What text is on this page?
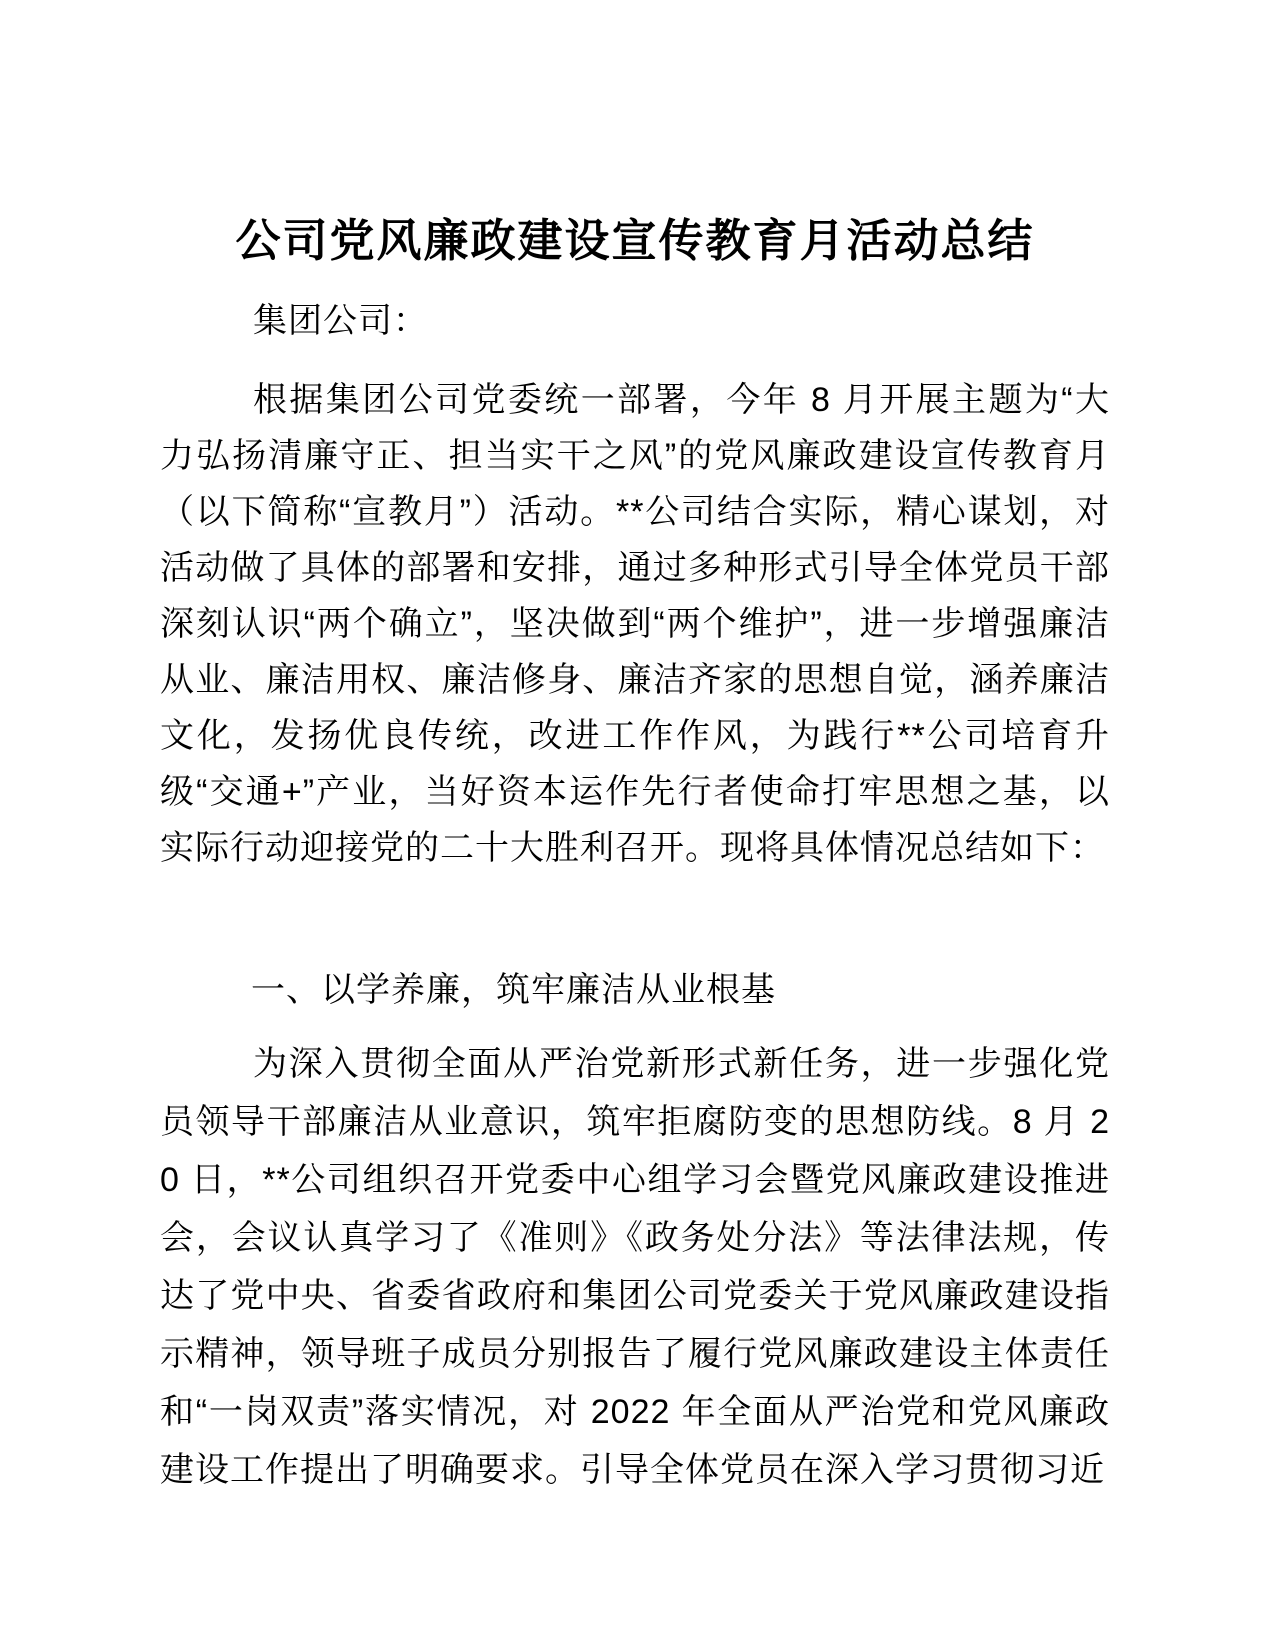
公司党风廉政建设宣传教育月活动总结

集团公司：

根据集团公司党委统一部署，今年 8 月开展主题为“大力弘扬清廉守正、担当实干之风”的党风廉政建设宣传教育月（以下简称“宣教月”）活动。**公司结合实际，精心谋划，对活动做了具体的部署和安排，通过多种形式引导全体党员干部深刻认识“两个确立”，坚决做到“两个维护”，进一步增强廉洁从业、廉洁用权、廉洁修身、廉洁齐家的思想自觉，涵养廉洁文化，发扬优良传统，改进工作作风，为践行**公司培育升级“交通+”产业，当好资本运作先行者使命打牢思想之基，以实际行动迎接党的二十大胜利召开。现将具体情况总结如下：

一、以学养廉，筑牢廉洁从业根基

为深入贯彻全面从严治党新形式新任务，进一步强化党员领导干部廉洁从业意识，筑牢拒腐防变的思想防线。8 月 20 日，**公司组织召开党委中心组学习会暨党风廉政建设推进会，会议认真学习了《准则》《政务处分法》等法律法规，传达了党中央、省委省政府和集团公司党委关于党风廉政建设指示精神，领导班子成员分别报告了履行党风廉政建设主体责任和“一岗双责”落实情况，对 2022 年全面从严治党和党风廉政建设工作提出了明确要求。引导全体党员在深入学习贯彻习近
